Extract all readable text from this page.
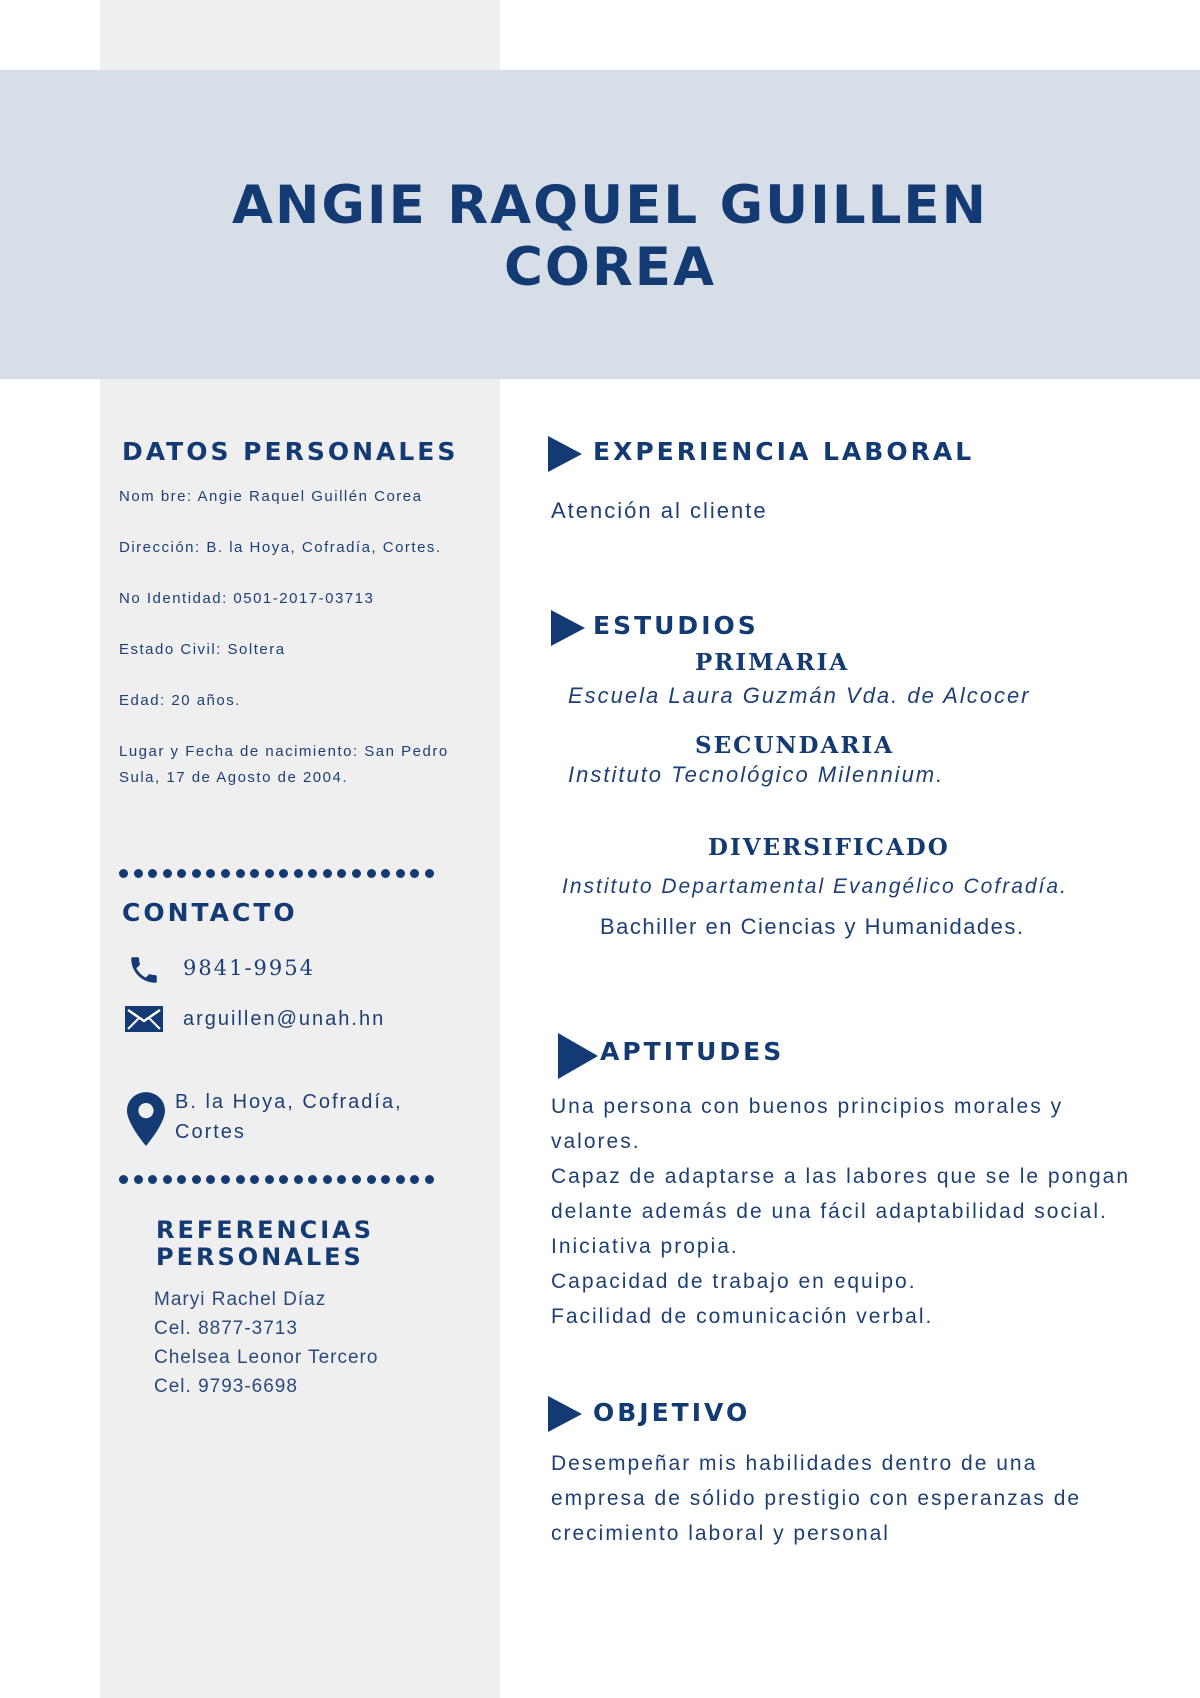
ANGIE RAQUEL GUILLEN
COREA
DATOS PERSONALES
Nom bre: Angie Raquel Guillén Corea
Dirección: B. la Hoya, Cofradía, Cortes.
No Identidad: 0501-2017-03713
Estado Civil: Soltera
Edad: 20 años.
Lugar y Fecha de nacimiento: San Pedro Sula, 17 de Agosto de 2004.
CONTACTO
9841-9954
arguillen@unah.hn
B. la Hoya, Cofradía,
Cortes
REFERENCIAS
PERSONALES
Maryi Rachel Díaz
Cel. 8877-3713
Chelsea Leonor Tercero
Cel. 9793-6698
EXPERIENCIA LABORAL
Atención al cliente
ESTUDIOS
PRIMARIA
Escuela Laura Guzmán Vda. de Alcocer
SECUNDARIA
Instituto Tecnológico Milennium.
DIVERSIFICADO
Instituto Departamental Evangélico Cofradía.
Bachiller en Ciencias y Humanidades.
APTITUDES
Una persona con buenos principios morales y
valores.
Capaz de adaptarse a las labores que se le pongan
delante además de una fácil adaptabilidad social.
Iniciativa propia.
Capacidad de trabajo en equipo.
Facilidad de comunicación verbal.
OBJETIVO
Desempeñar mis habilidades dentro de una
empresa de sólido prestigio con esperanzas de
crecimiento laboral y personal
